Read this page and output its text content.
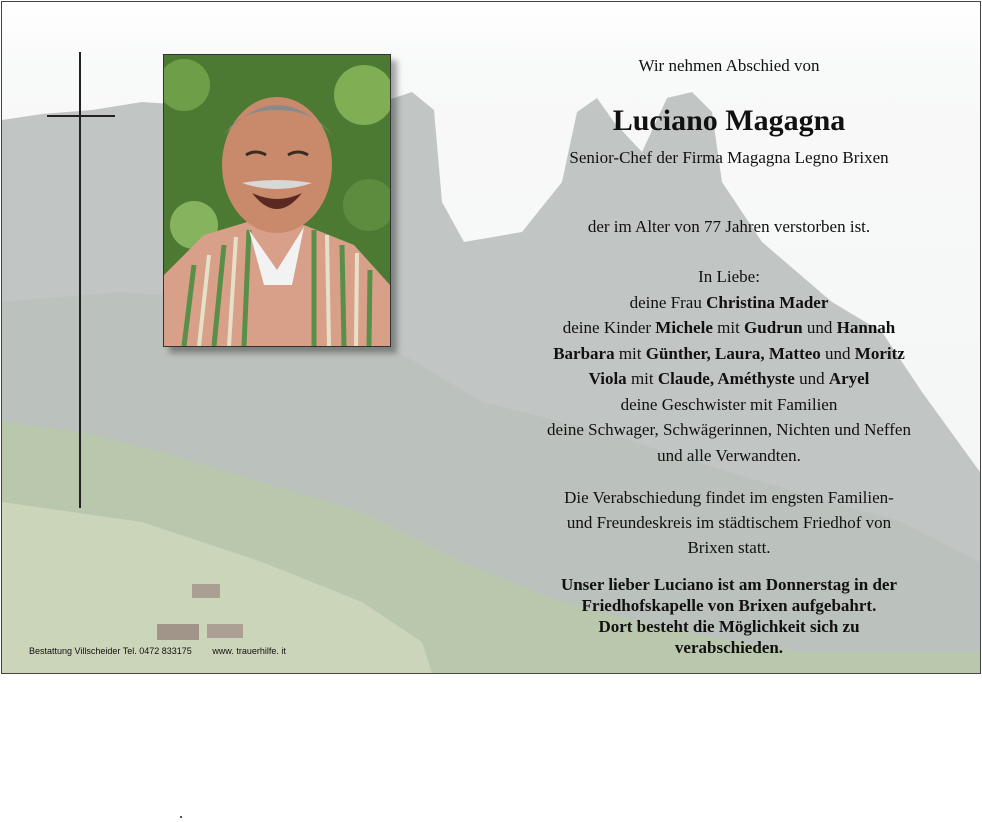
Wir nehmen Abschied von
Luciano Magagna
Senior-Chef der Firma Magagna Legno Brixen
der im Alter von 77 Jahren verstorben ist.
In Liebe:
deine Frau Christina Mader
deine Kinder Michele mit Gudrun und Hannah
Barbara mit Günther, Laura, Matteo und Moritz
Viola mit Claude, Améthyste und Aryel
deine Geschwister mit Familien
deine Schwager, Schwägerinnen, Nichten und Neffen
und alle Verwandten.
Die Verabschiedung findet im engsten Familien-
und Freundeskreis im städtischem Friedhof von
Brixen statt.
Unser lieber Luciano ist am Donnerstag in der
Friedhofskapelle von Brixen aufgebahrt.
Dort besteht die Möglichkeit sich zu
verabschieden.
Bestattung Villscheider Tel. 0472 833175 www. trauerhilfe. it
